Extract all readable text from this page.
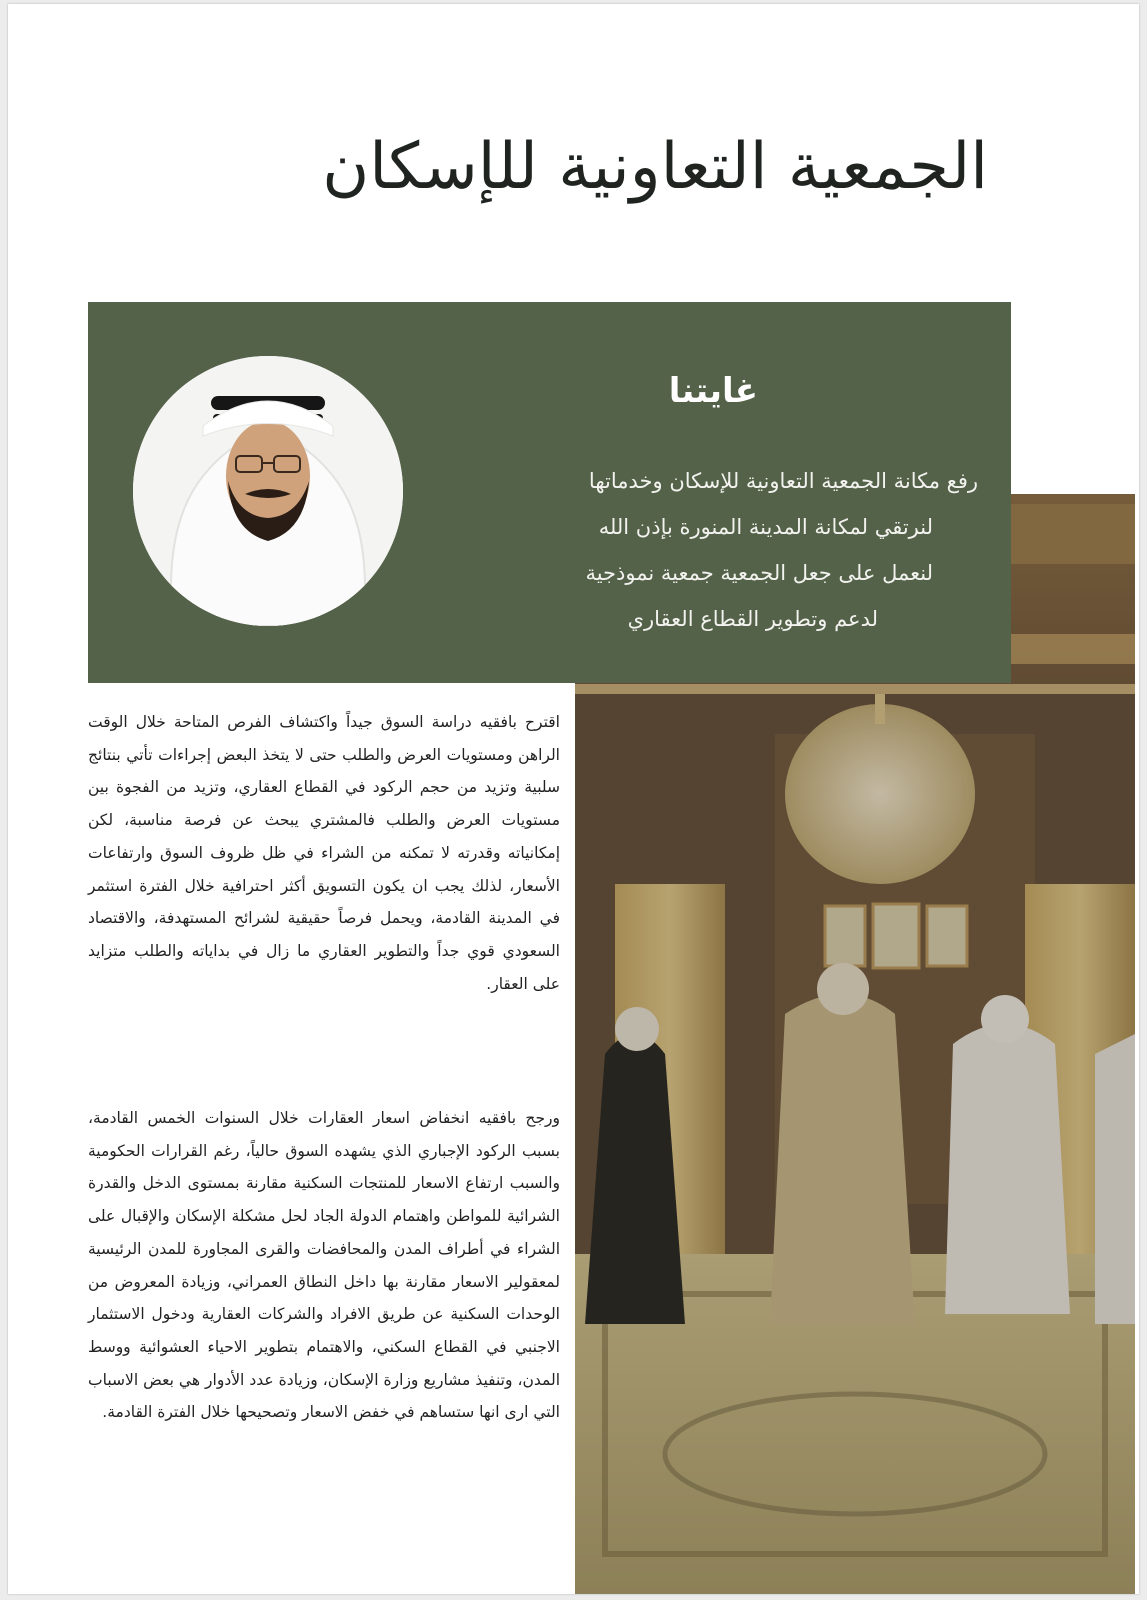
الجمعية التعاونية للإسكان
غايتنا
رفع مكانة الجمعية التعاونية للإسكان وخدماتها
لنرتقي لمكانة المدينة المنورة بإذن الله
لنعمل على جعل الجمعية جمعية نموذجية
لدعم وتطوير القطاع العقاري
اقترح بافقيه دراسة السوق جيداً واكتشاف الفرص المتاحة خلال الوقت الراهن ومستويات العرض والطلب حتى لا يتخذ البعض إجراءات تأتي بنتائج سلبية وتزيد من حجم الركود في القطاع العقاري، وتزيد من الفجوة بين مستويات العرض والطلب فالمشتري يبحث عن فرصة مناسبة، لكن إمكانياته وقدرته لا تمكنه من الشراء في ظل ظروف السوق وارتفاعات الأسعار، لذلك يجب ان يكون التسويق أكثر احترافية خلال الفترة استثمر في المدينة القادمة، ويحمل فرصاً حقيقية لشرائح المستهدفة، والاقتصاد السعودي قوي جداً والتطوير العقاري ما زال في بداياته والطلب متزايد على العقار.
ورجح بافقيه انخفاض اسعار العقارات خلال السنوات الخمس القادمة، بسبب الركود الإجباري الذي يشهده السوق حالياً، رغم القرارات الحكومية والسبب ارتفاع الاسعار للمنتجات السكنية مقارنة بمستوى الدخل والقدرة الشرائية للمواطن واهتمام الدولة الجاد لحل مشكلة الإسكان والإقبال على الشراء في أطراف المدن والمحافضات والقرى المجاورة للمدن الرئيسية لمعقولير الاسعار مقارنة بها داخل النطاق العمراني، وزيادة المعروض من الوحدات السكنية عن طريق الافراد والشركات العقارية ودخول الاستثمار الاجنبي في القطاع السكني، والاهتمام بتطوير الاحياء العشوائية ووسط المدن، وتنفيذ مشاريع وزارة الإسكان، وزيادة عدد الأدوار هي بعض الاسباب التي ارى انها ستساهم في خفض الاسعار وتصحيحها خلال الفترة القادمة.
